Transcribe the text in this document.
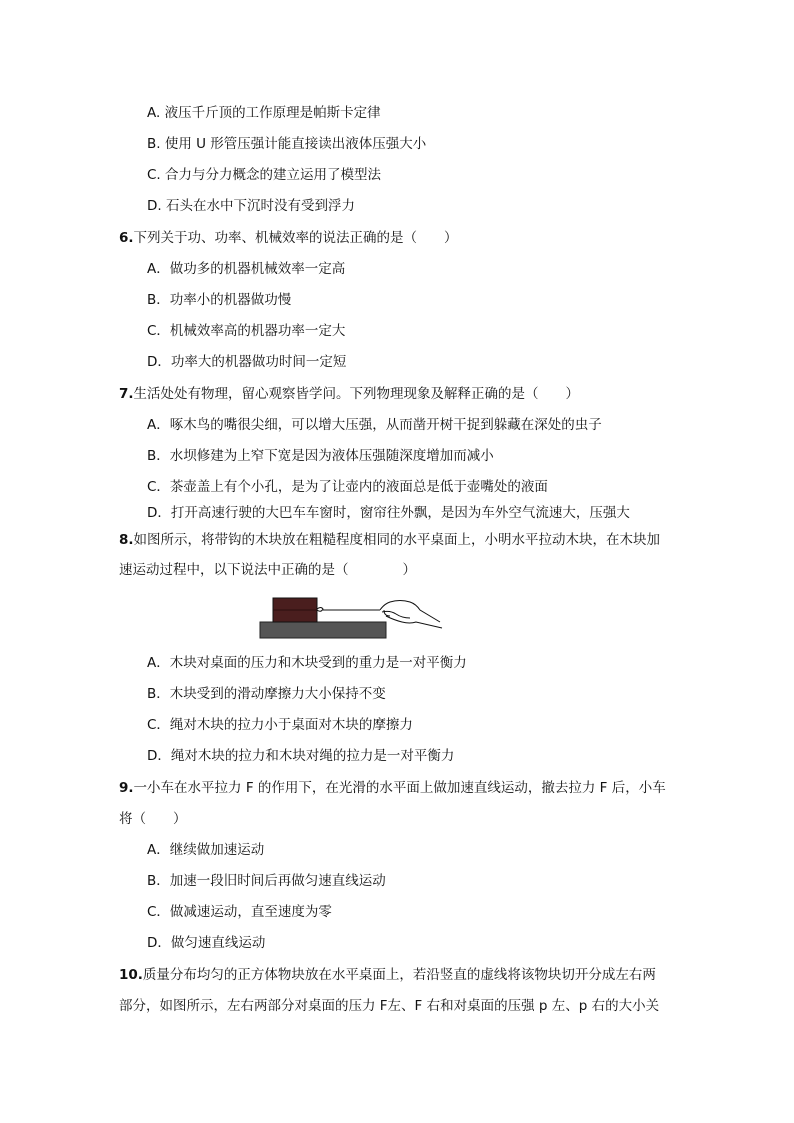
A. 液压千斤顶的工作原理是帕斯卡定律
B. 使用 U 形管压强计能直接读出液体压强大小
C. 合力与分力概念的建立运用了模型法
D. 石头在水中下沉时没有受到浮力
6.下列关于功、功率、机械效率的说法正确的是（　　）
A．做功多的机器机械效率一定高
B．功率小的机器做功慢
C．机械效率高的机器功率一定大
D．功率大的机器做功时间一定短
7.生活处处有物理，留心观察皆学问。下列物理现象及解释正确的是（　　）
A．啄木鸟的嘴很尖细，可以增大压强，从而凿开树干捉到躲藏在深处的虫子
B．水坝修建为上窄下宽是因为液体压强随深度增加而减小
C．茶壶盖上有个小孔，是为了让壶内的液面总是低于壶嘴处的液面
D．打开高速行驶的大巴车车窗时，窗帘往外飘，是因为车外空气流速大，压强大
8.如图所示，将带钩的木块放在粗糙程度相同的水平桌面上，小明水平拉动木块，在木块加
速运动过程中，以下说法中正确的是（　　　　）
A．木块对桌面的压力和木块受到的重力是一对平衡力
B．木块受到的滑动摩擦力大小保持不变
C．绳对木块的拉力小于桌面对木块的摩擦力
D．绳对木块的拉力和木块对绳的拉力是一对平衡力
9.一小车在水平拉力 F 的作用下，在光滑的水平面上做加速直线运动，撤去拉力 F 后，小车
将（　　）
A．继续做加速运动
B．加速一段旧时间后再做匀速直线运动
C．做减速运动，直至速度为零
D．做匀速直线运动
10.质量分布均匀的正方体物块放在水平桌面上，若沿竖直的虚线将该物块切开分成左右两
部分，如图所示，左右两部分对桌面的压力 F左、F 右和对桌面的压强 p 左、p 右的大小关
